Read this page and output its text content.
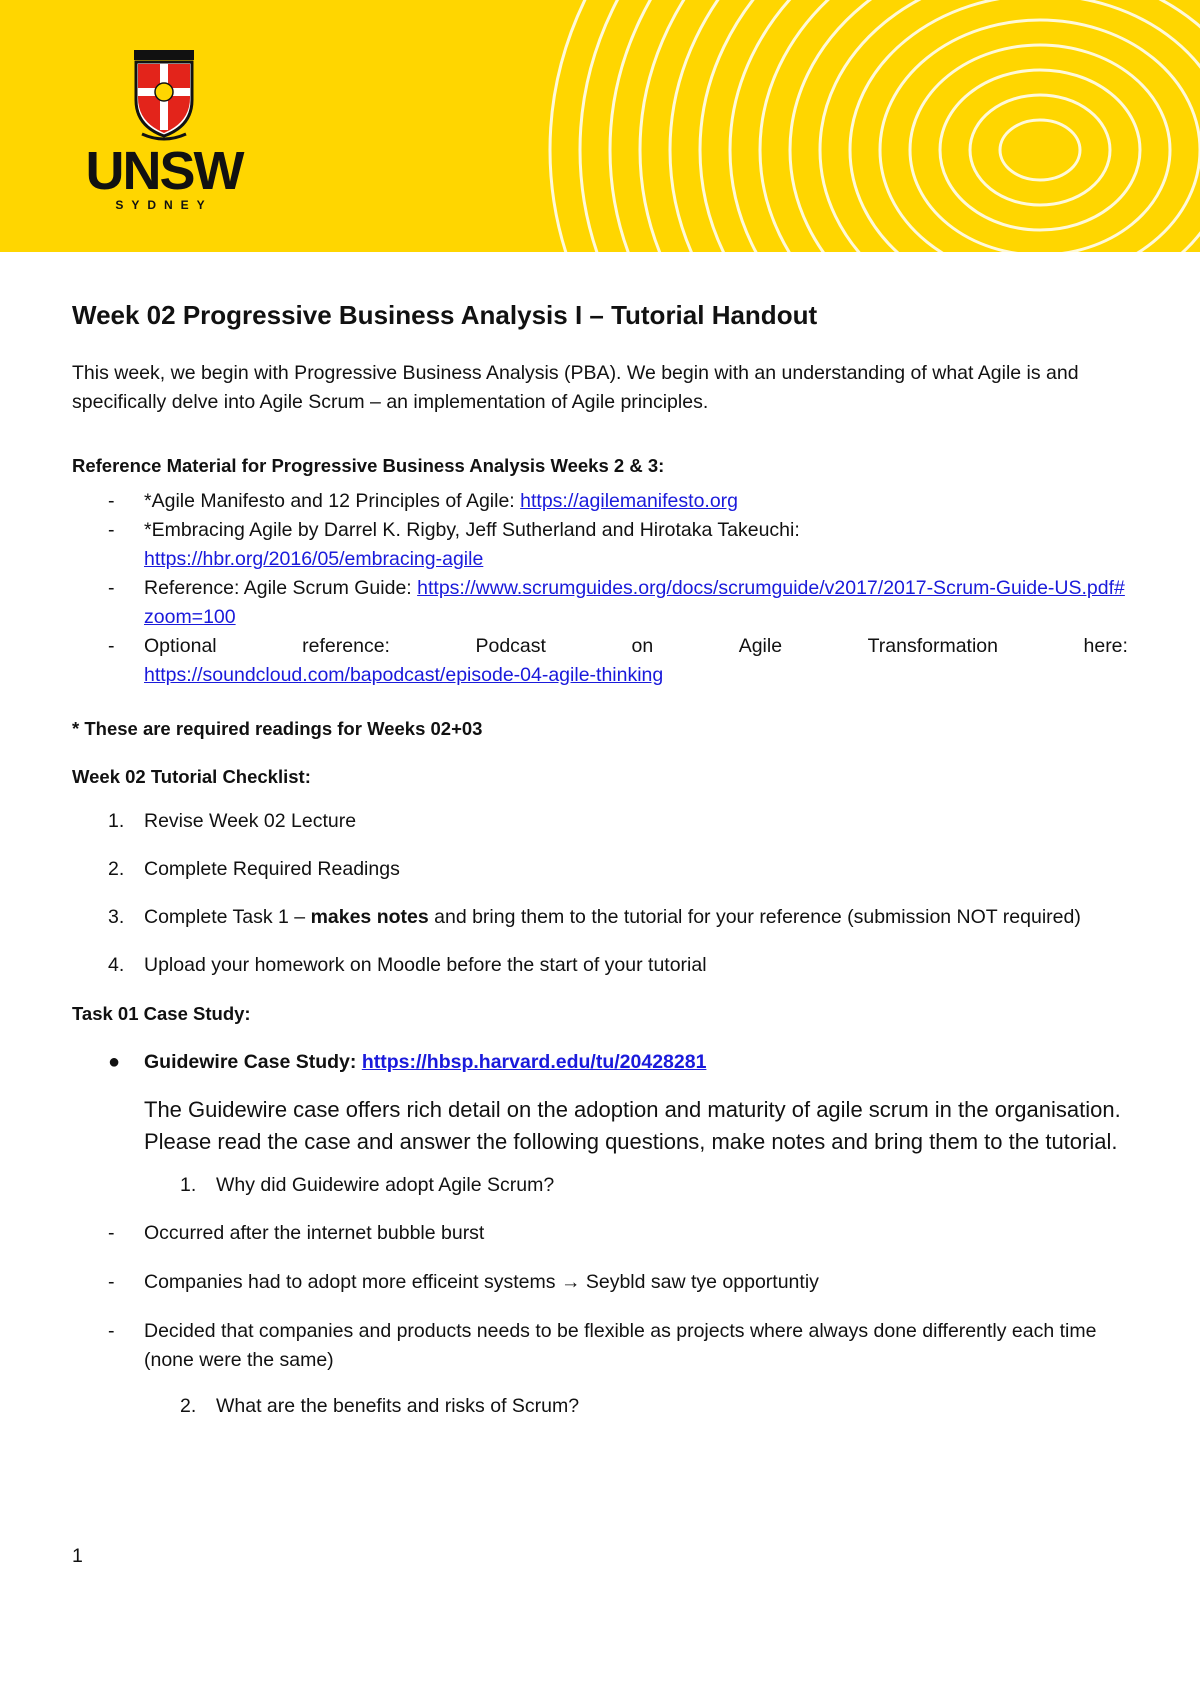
UNSW
SYDNEY
Week 02 Progressive Business Analysis I – Tutorial Handout

This week, we begin with Progressive Business Analysis (PBA). We begin with an understanding of what Agile is and specifically delve into Agile Scrum – an implementation of Agile principles.

Reference Material for Progressive Business Analysis Weeks 2 & 3:
- *Agile Manifesto and 12 Principles of Agile: https://agilemanifesto.org
- *Embracing Agile by Darrel K. Rigby, Jeff Sutherland and Hirotaka Takeuchi:
https://hbr.org/2016/05/embracing-agile
- Reference: Agile Scrum Guide: https://www.scrumguides.org/docs/scrumguide/v2017/2017-Scrum-Guide-US.pdf#zoom=100
- Optional	reference:	Podcast	on	Agile	Transformation	here:
https://soundcloud.com/bapodcast/episode-04-agile-thinking
* These are required readings for Weeks 02+03
Week 02 Tutorial Checklist:
1. Revise Week 02 Lecture
2. Complete Required Readings
3. Complete Task 1 – makes notes and bring them to the tutorial for your reference (submission NOT required)
4. Upload your homework on Moodle before the start of your tutorial
Task 01 Case Study:
● Guidewire Case Study: https://hbsp.harvard.edu/tu/20428281
The Guidewire case offers rich detail on the adoption and maturity of agile scrum in the organisation. Please read the case and answer the following questions, make notes and bring them to the tutorial.
1. Why did Guidewire adopt Agile Scrum?
- Occurred after the internet bubble burst
- Companies had to adopt more efficeint systems → Seybld saw tye opportuntiy
- Decided that companies and products needs to be flexible as projects where always done differently each time (none were the same)
2. What are the benefits and risks of Scrum?
1
